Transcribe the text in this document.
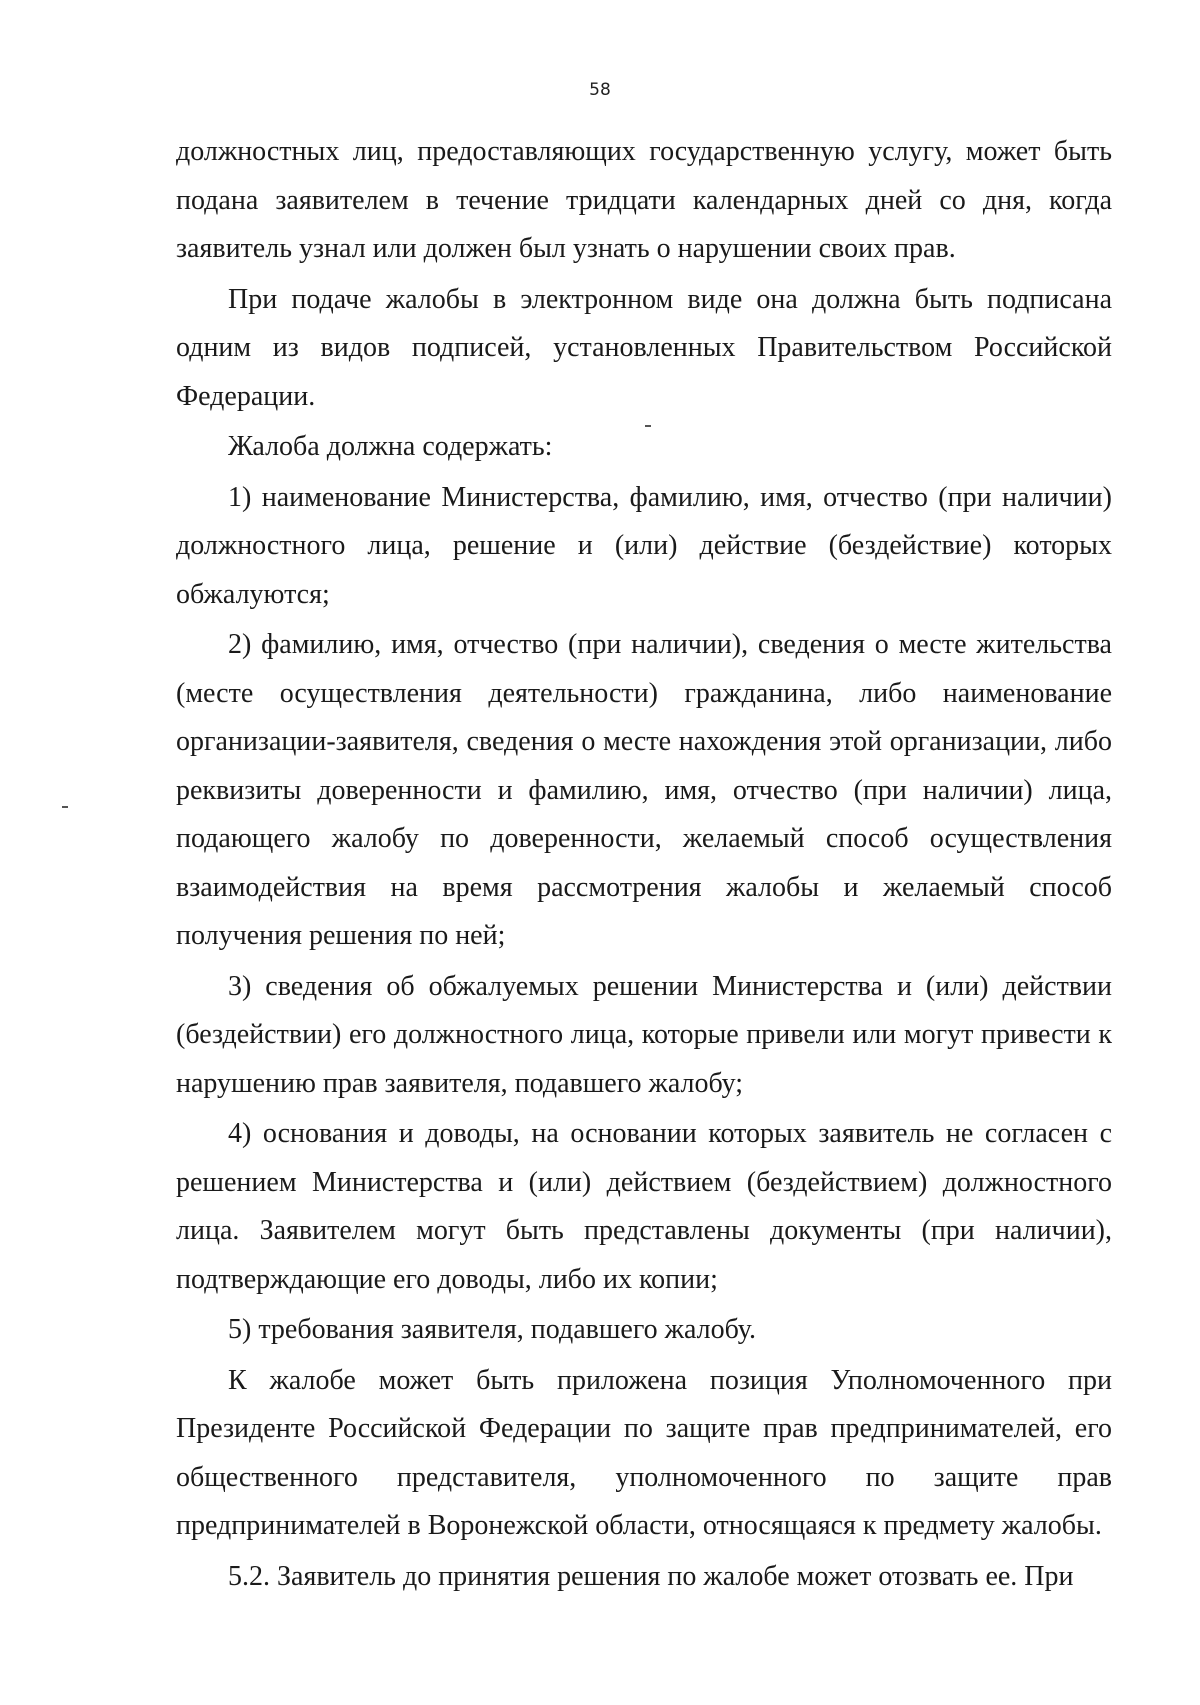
58

должностных лиц, предоставляющих государственную услугу, может быть подана заявителем в течение тридцати календарных дней со дня, когда заявитель узнал или должен был узнать о нарушении своих прав.

При подаче жалобы в электронном виде она должна быть подписана одним из видов подписей, установленных Правительством Российской Федерации.

Жалоба должна содержать:

1) наименование Министерства, фамилию, имя, отчество (при наличии) должностного лица, решение и (или) действие (бездействие) которых обжалуются;

2) фамилию, имя, отчество (при наличии), сведения о месте жительства (месте осуществления деятельности) гражданина, либо наименование организации-заявителя, сведения о месте нахождения этой организации, либо реквизиты доверенности и фамилию, имя, отчество (при наличии) лица, подающего жалобу по доверенности, желаемый способ осуществления взаимодействия на время рассмотрения жалобы и желаемый способ получения решения по ней;

3) сведения об обжалуемых решении Министерства и (или) действии (бездействии) его должностного лица, которые привели или могут привести к нарушению прав заявителя, подавшего жалобу;

4) основания и доводы, на основании которых заявитель не согласен с решением Министерства и (или) действием (бездействием) должностного лица. Заявителем могут быть представлены документы (при наличии), подтверждающие его доводы, либо их копии;

5) требования заявителя, подавшего жалобу.

К жалобе может быть приложена позиция Уполномоченного при Президенте Российской Федерации по защите прав предпринимателей, его общественного представителя, уполномоченного по защите прав предпринимателей в Воронежской области, относящаяся к предмету жалобы.

5.2. Заявитель до принятия решения по жалобе может отозвать ее. При
